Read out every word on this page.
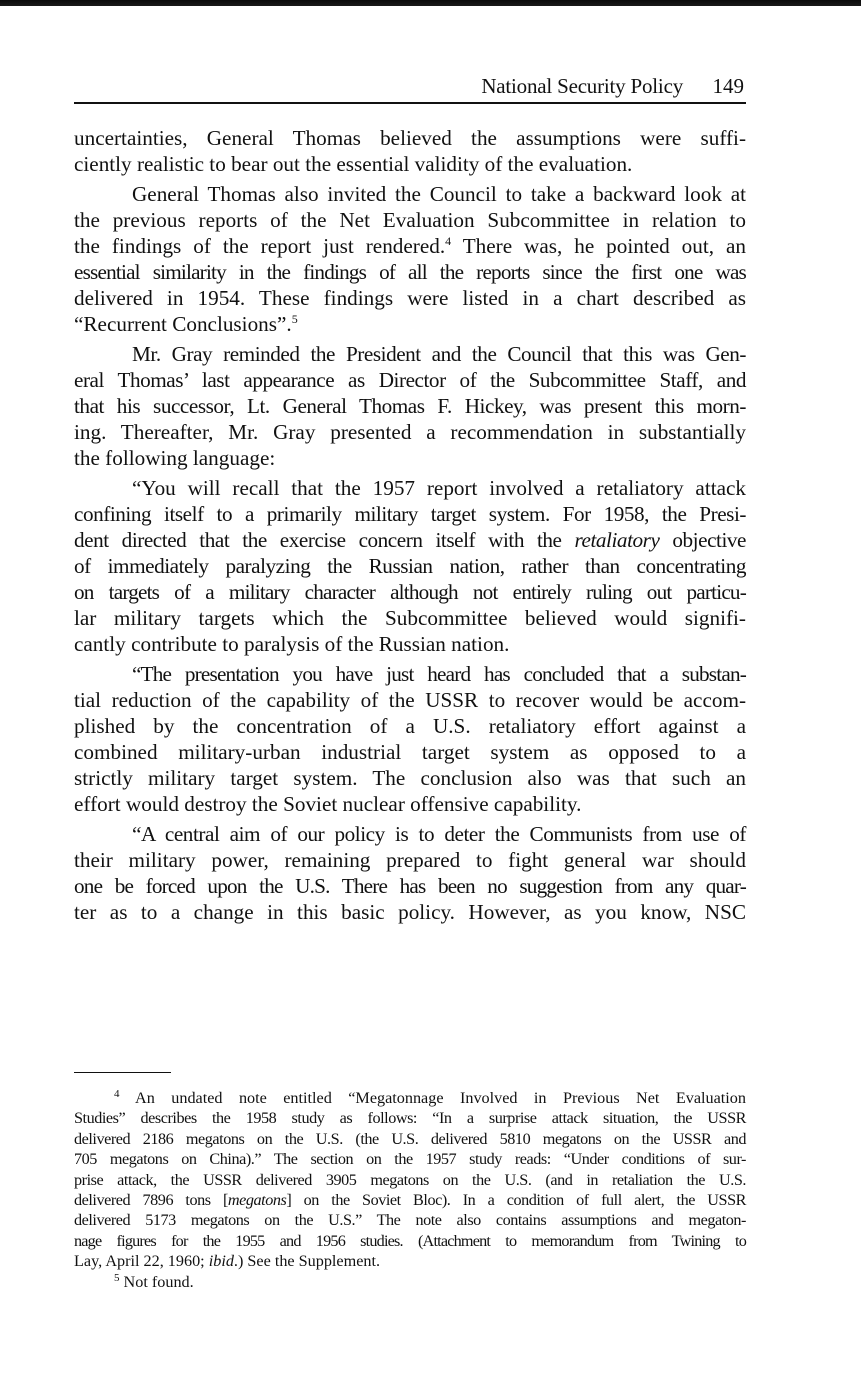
National Security Policy 149
uncertainties, General Thomas believed the assumptions were suffi-
ciently realistic to bear out the essential validity of the evaluation.
General Thomas also invited the Council to take a backward look at
the previous reports of the Net Evaluation Subcommittee in relation to
the findings of the report just rendered.$^4$ There was, he pointed out, an
essential similarity in the findings of all the reports since the first one was
delivered in 1954. These findings were listed in a chart described as
“Recurrent Conclusions”.$^5$
Mr. Gray reminded the President and the Council that this was Gen-
eral Thomas’ last appearance as Director of the Subcommittee Staff, and
that his successor, Lt. General Thomas F. Hickey, was present this morn-
ing. Thereafter, Mr. Gray presented a recommendation in substantially
the following language:
“You will recall that the 1957 report involved a retaliatory attack
confining itself to a primarily military target system. For 1958, the Presi-
dent directed that the exercise concern itself with the retaliatory objective
of immediately paralyzing the Russian nation, rather than concentrating
on targets of a military character although not entirely ruling out particu-
lar military targets which the Subcommittee believed would signifi-
cantly contribute to paralysis of the Russian nation.
“The presentation you have just heard has concluded that a substan-
tial reduction of the capability of the USSR to recover would be accom-
plished by the concentration of a U.S. retaliatory effort against a
combined military-urban industrial target system as opposed to a
strictly military target system. The conclusion also was that such an
effort would destroy the Soviet nuclear offensive capability.
“A central aim of our policy is to deter the Communists from use of
their military power, remaining prepared to fight general war should
one be forced upon the U.S. There has been no suggestion from any quar-
ter as to a change in this basic policy. However, as you know, NSC
$^4$ An undated note entitled “Megatonnage Involved in Previous Net Evaluation
Studies” describes the 1958 study as follows: “In a surprise attack situation, the USSR
delivered 2186 megatons on the U.S. (the U.S. delivered 5810 megatons on the USSR and
705 megatons on China).” The section on the 1957 study reads: “Under conditions of sur-
prise attack, the USSR delivered 3905 megatons on the U.S. (and in retaliation the U.S.
delivered 7896 tons [megatons] on the Soviet Bloc). In a condition of full alert, the USSR
delivered 5173 megatons on the U.S.” The note also contains assumptions and megaton-
nage figures for the 1955 and 1956 studies. (Attachment to memorandum from Twining to
Lay, April 22, 1960; ibid.) See the Supplement.
$^5$ Not found.
